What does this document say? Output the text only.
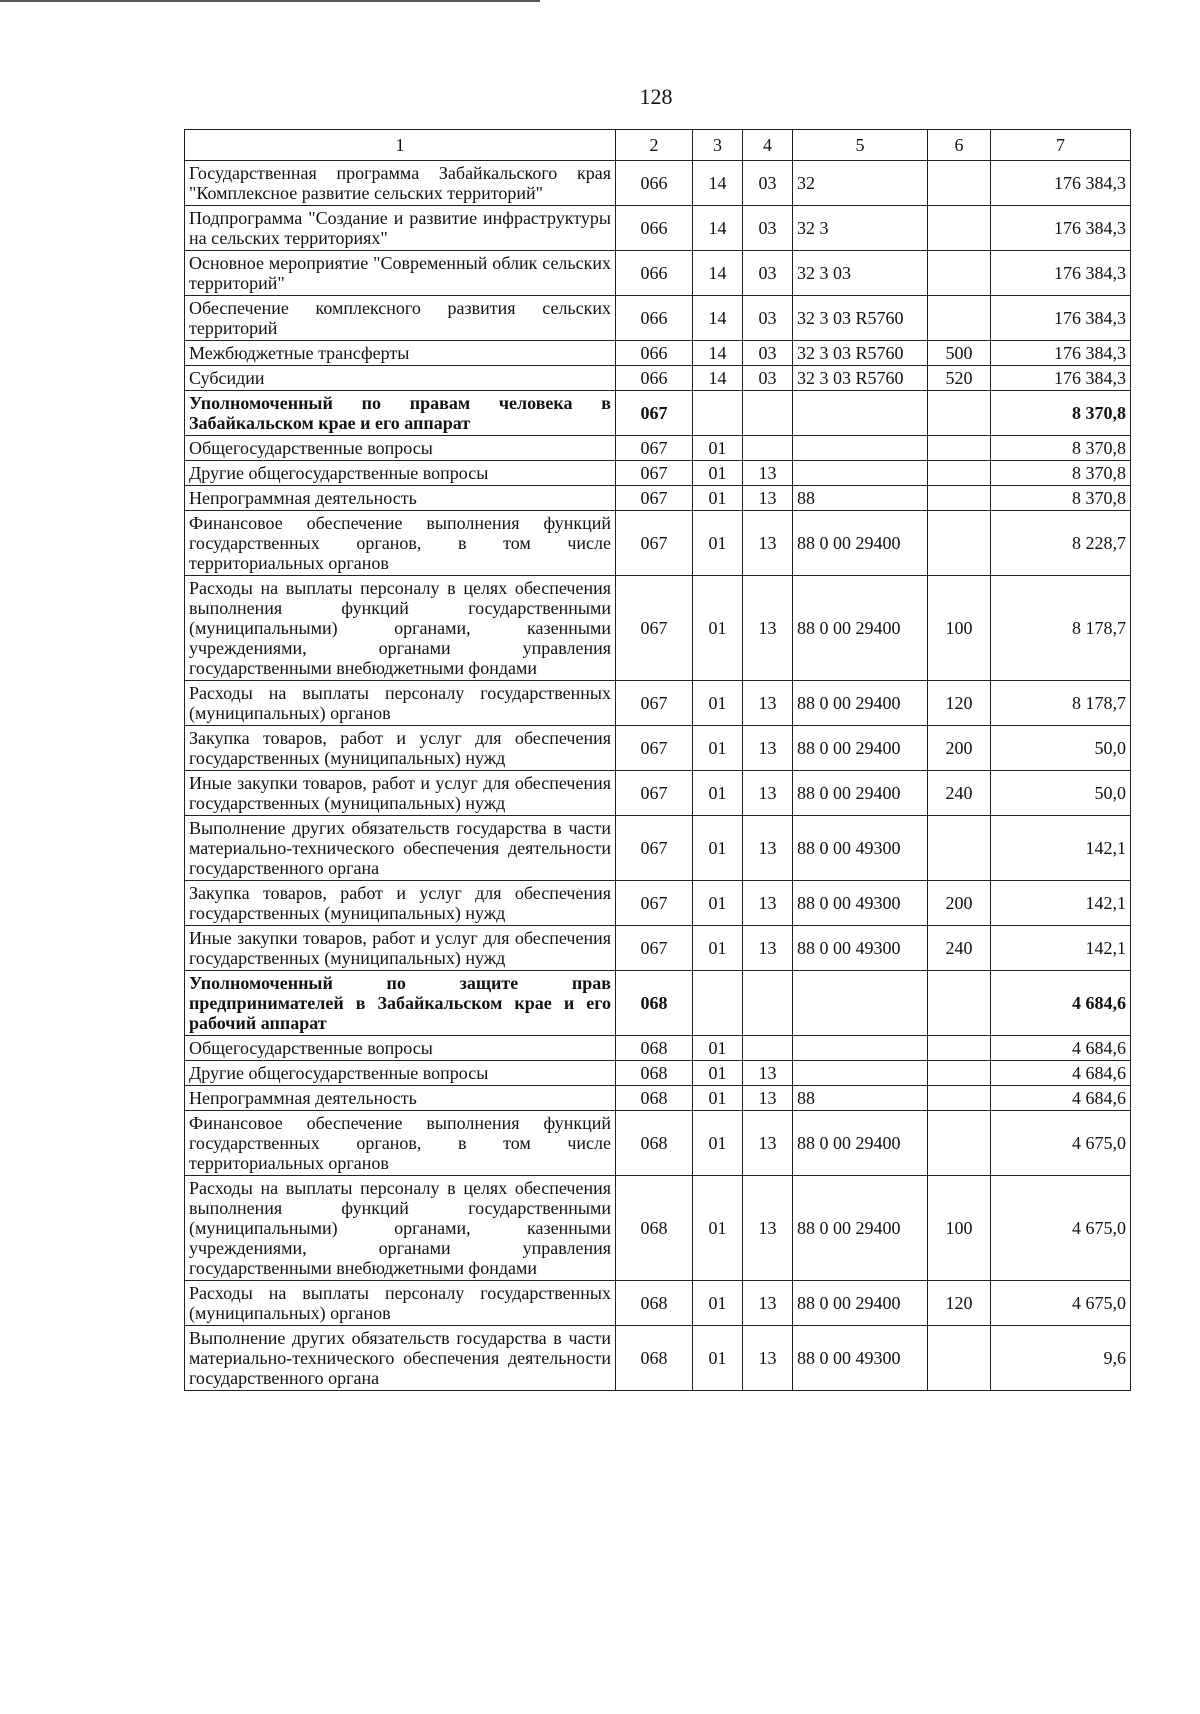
128
1	2	3	4	5	6	7
Государственная программа Забайкальского края "Комплексное развитие сельских территорий"	066	14	03	32		176 384,3
Подпрограмма "Создание и развитие инфраструктуры на сельских территориях"	066	14	03	32 3		176 384,3
Основное мероприятие "Современный облик сельских территорий"	066	14	03	32 3 03		176 384,3
Обеспечение комплексного развития сельских территорий	066	14	03	32 3 03 R5760		176 384,3
Межбюджетные трансферты	066	14	03	32 3 03 R5760	500	176 384,3
Субсидии	066	14	03	32 3 03 R5760	520	176 384,3
Уполномоченный по правам человека в Забайкальском крае и его аппарат	067					8 370,8
Общегосударственные вопросы	067	01				8 370,8
Другие общегосударственные вопросы	067	01	13			8 370,8
Непрограммная деятельность	067	01	13	88		8 370,8
Финансовое обеспечение выполнения функций государственных органов, в том числе территориальных органов	067	01	13	88 0 00 29400		8 228,7
Расходы на выплаты персоналу в целях обеспечения выполнения функций государственными (муниципальными) органами, казенными учреждениями, органами управления государственными внебюджетными фондами	067	01	13	88 0 00 29400	100	8 178,7
Расходы на выплаты персоналу государственных (муниципальных) органов	067	01	13	88 0 00 29400	120	8 178,7
Закупка товаров, работ и услуг для обеспечения государственных (муниципальных) нужд	067	01	13	88 0 00 29400	200	50,0
Иные закупки товаров, работ и услуг для обеспечения государственных (муниципальных) нужд	067	01	13	88 0 00 29400	240	50,0
Выполнение других обязательств государства в части материально-технического обеспечения деятельности государственного органа	067	01	13	88 0 00 49300		142,1
Закупка товаров, работ и услуг для обеспечения государственных (муниципальных) нужд	067	01	13	88 0 00 49300	200	142,1
Иные закупки товаров, работ и услуг для обеспечения государственных (муниципальных) нужд	067	01	13	88 0 00 49300	240	142,1
Уполномоченный по защите прав предпринимателей в Забайкальском крае и его рабочий аппарат	068					4 684,6
Общегосударственные вопросы	068	01				4 684,6
Другие общегосударственные вопросы	068	01	13			4 684,6
Непрограммная деятельность	068	01	13	88		4 684,6
Финансовое обеспечение выполнения функций государственных органов, в том числе территориальных органов	068	01	13	88 0 00 29400		4 675,0
Расходы на выплаты персоналу в целях обеспечения выполнения функций государственными (муниципальными) органами, казенными учреждениями, органами управления государственными внебюджетными фондами	068	01	13	88 0 00 29400	100	4 675,0
Расходы на выплаты персоналу государственных (муниципальных) органов	068	01	13	88 0 00 29400	120	4 675,0
Выполнение других обязательств государства в части материально-технического обеспечения деятельности государственного органа	068	01	13	88 0 00 49300		9,6
